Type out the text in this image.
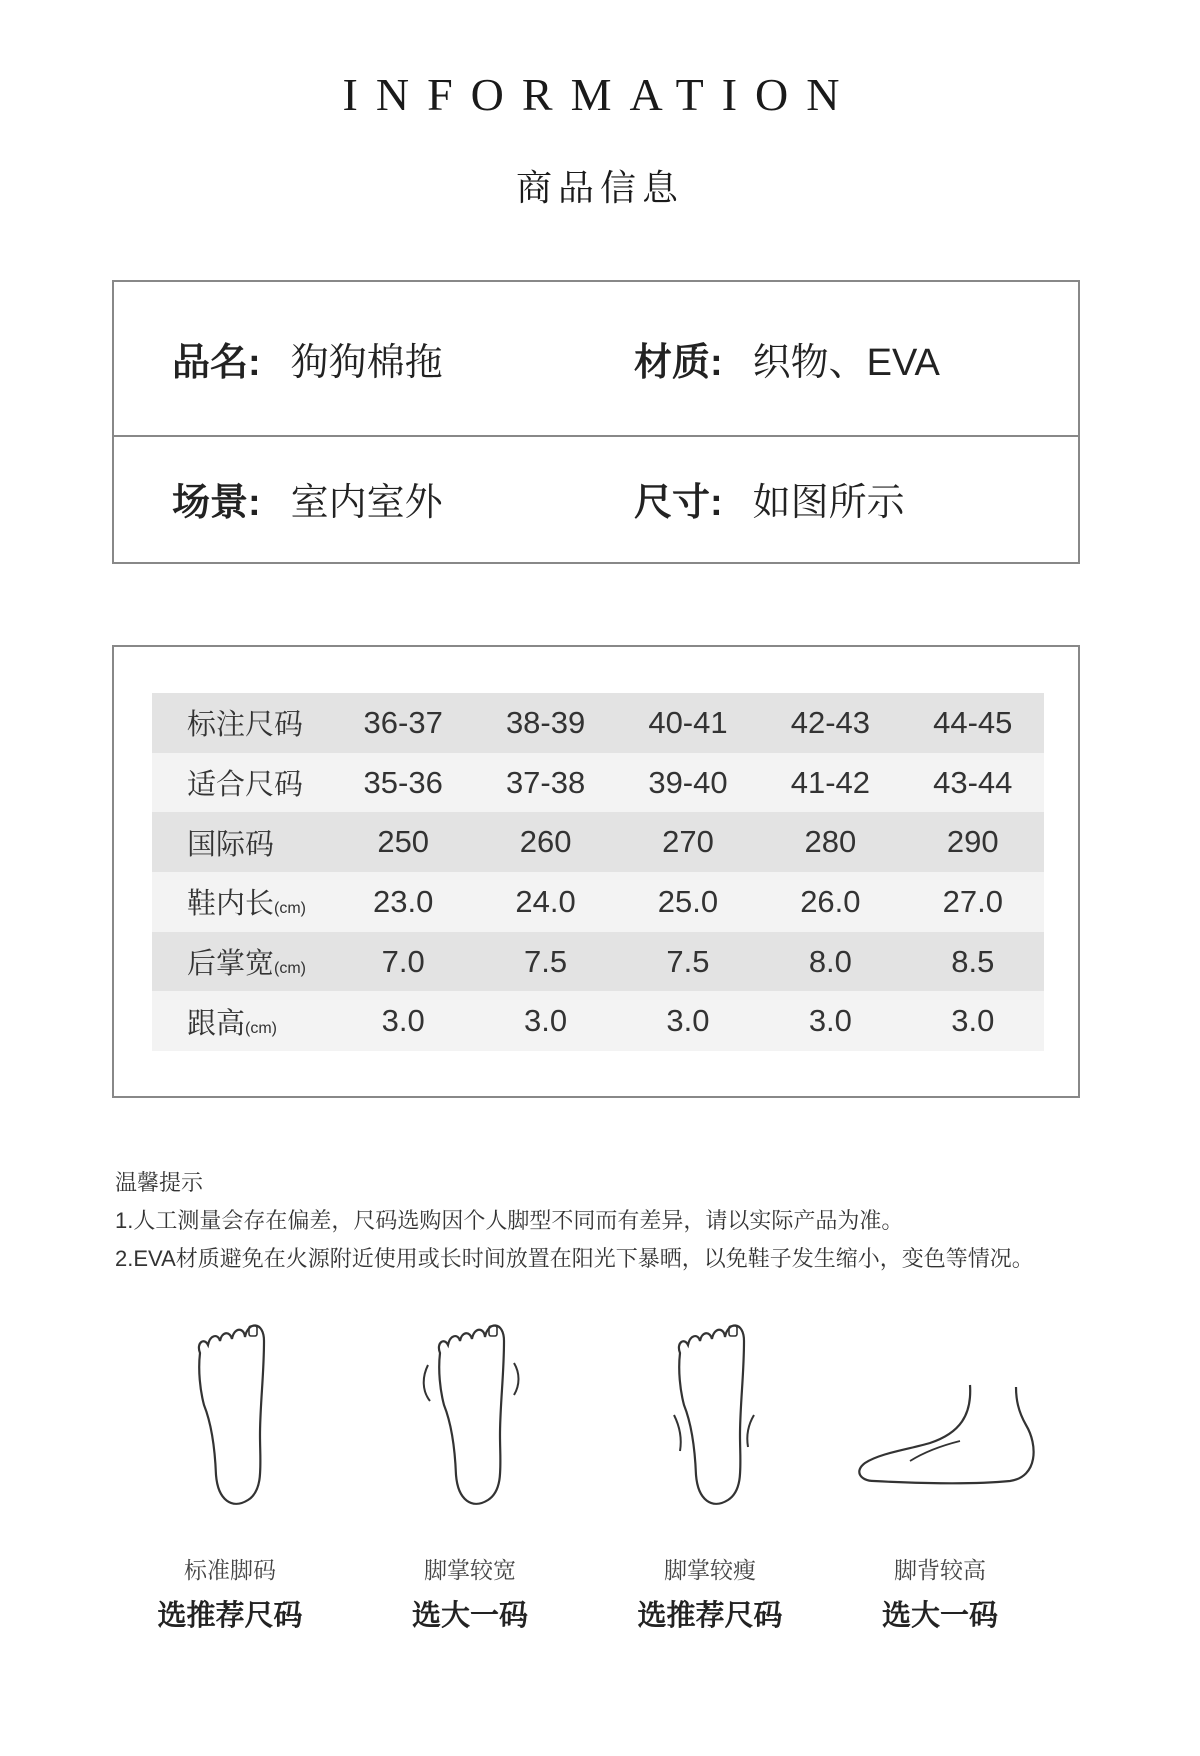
INFORMATION
商品信息
品名: 狗狗棉拖	材质: 织物、EVA
场景: 室内室外	尺寸: 如图所示
标注尺码	36-37	38-39	40-41	42-43	44-45
适合尺码	35-36	37-38	39-40	41-42	43-44
国际码	250	260	270	280	290
鞋内长(cm)	23.0	24.0	25.0	26.0	27.0
后掌宽(cm)	7.0	7.5	7.5	8.0	8.5
跟高(cm)	3.0	3.0	3.0	3.0	3.0
温馨提示
1.人工测量会存在偏差，尺码选购因个人脚型不同而有差异，请以实际产品为准。
2.EVA材质避免在火源附近使用或长时间放置在阳光下暴晒，以免鞋子发生缩小，变色等情况。
标准脚码
选推荐尺码
脚掌较宽
选大一码
脚掌较瘦
选推荐尺码
脚背较高
选大一码
